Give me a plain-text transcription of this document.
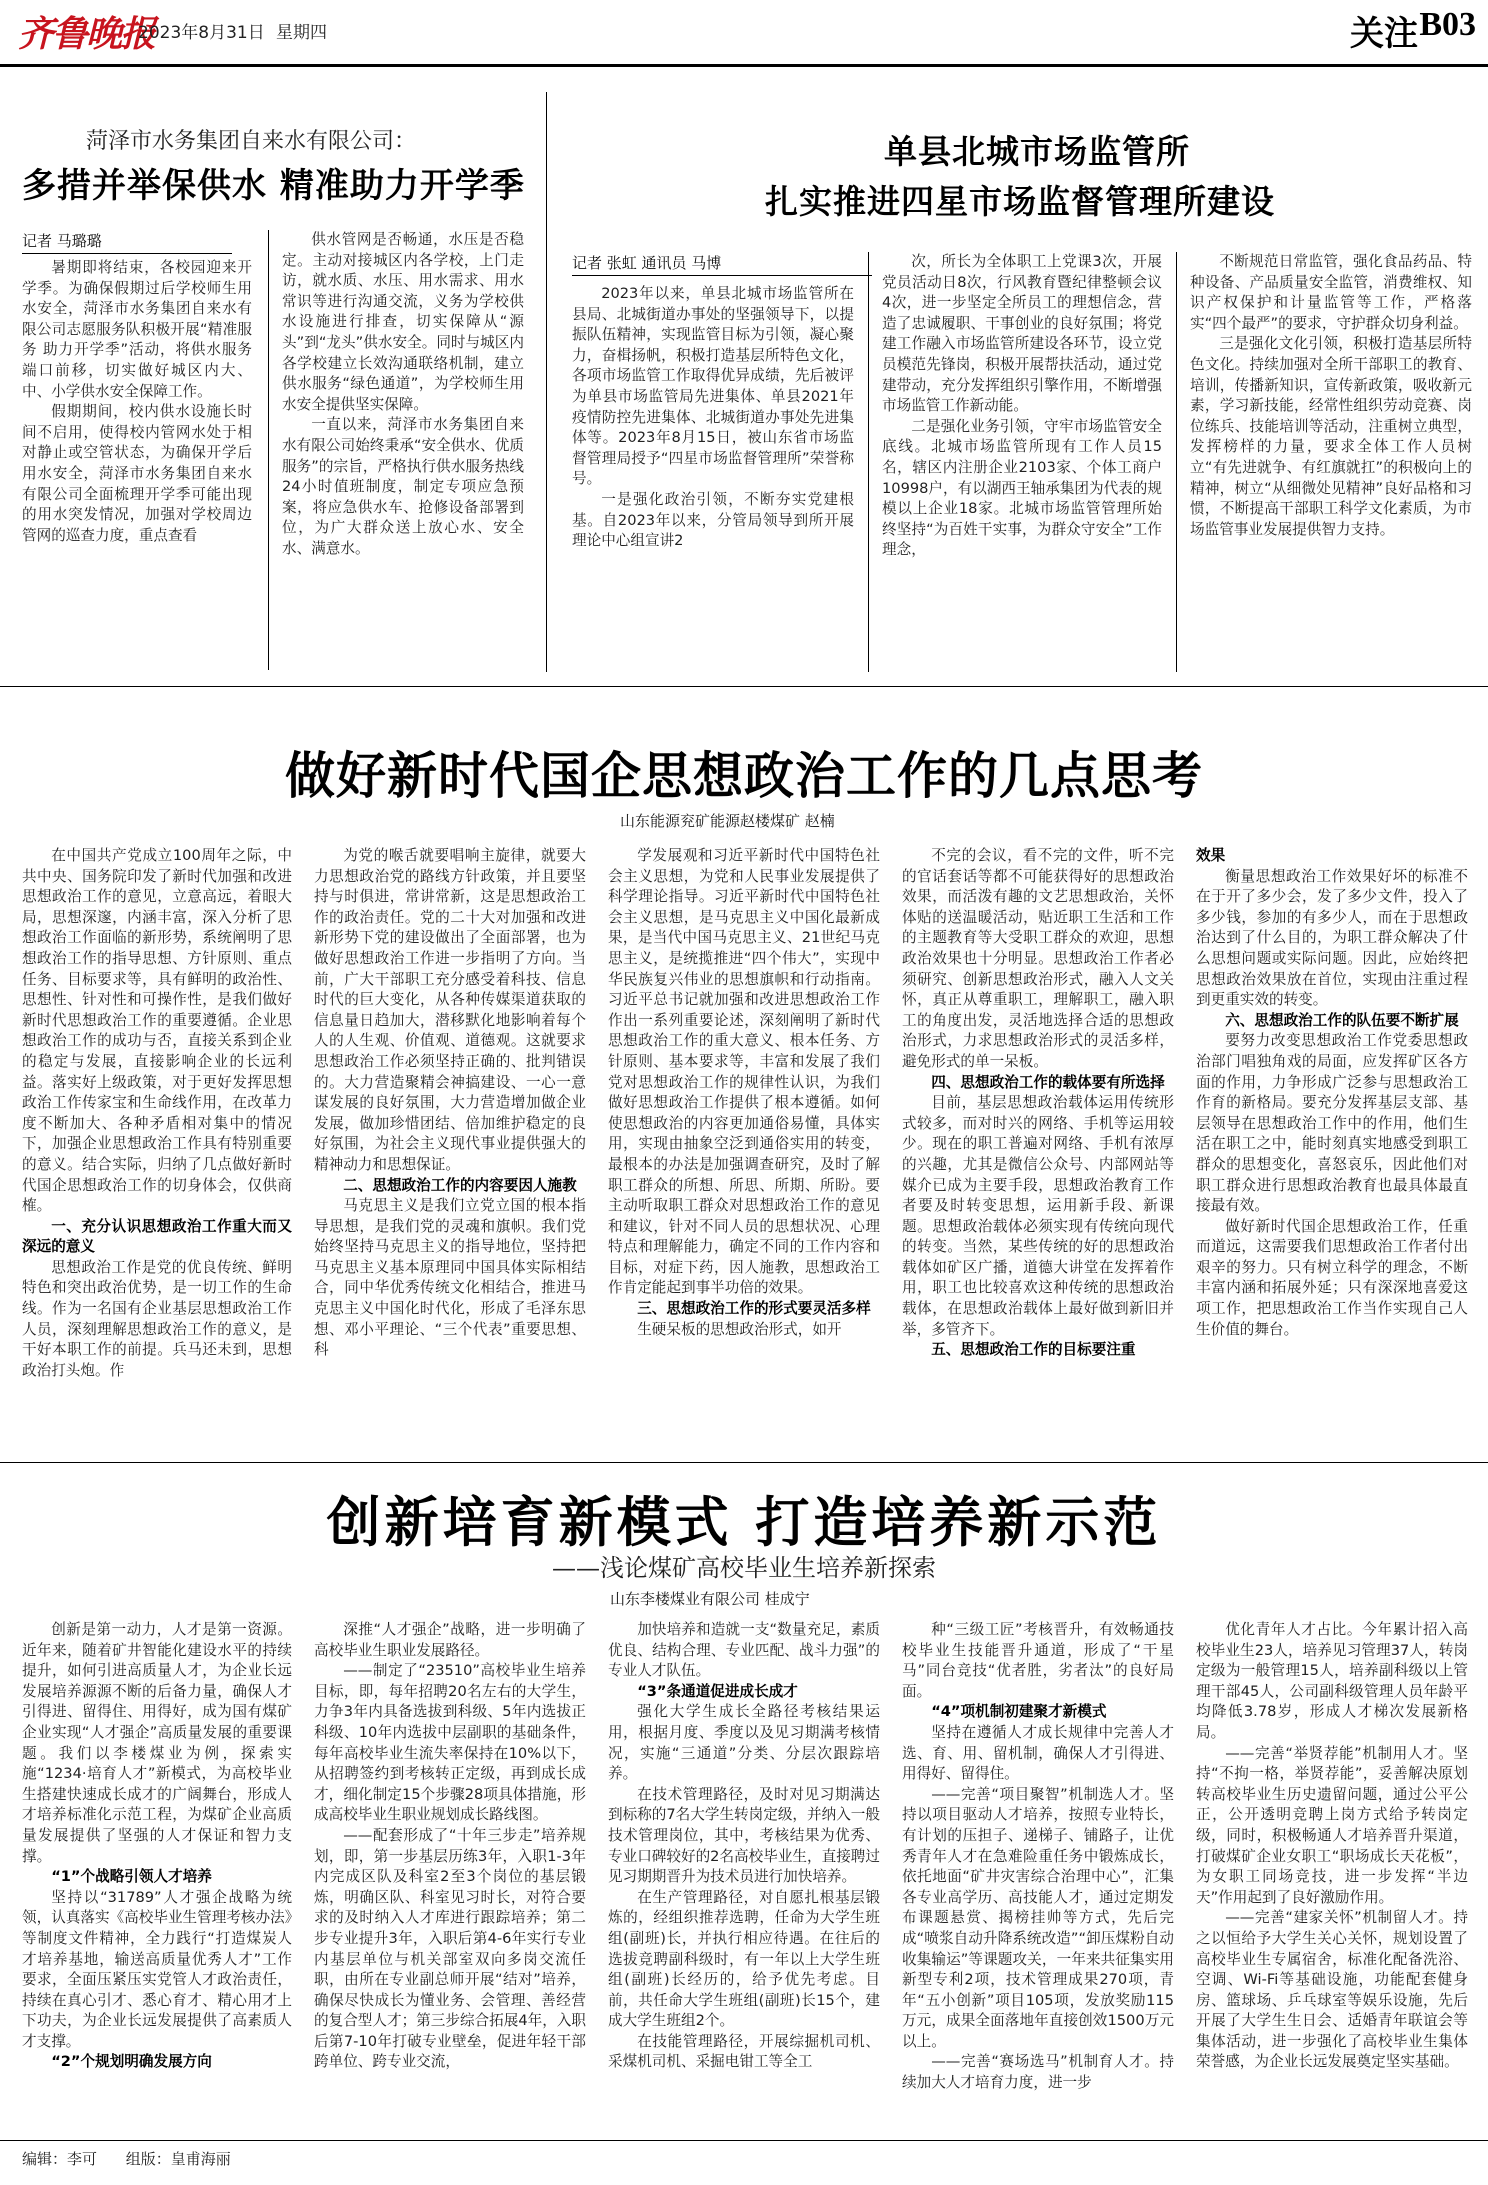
齐鲁晚报
2023年8月31日 星期四	关注 B03
菏泽市水务集团自来水有限公司：
多措并举保供水 精准助力开学季
记者 马璐璐

暑期即将结束，各校园迎来开学季。为确保假期过后学校师生用水安全，菏泽市水务集团自来水有限公司志愿服务队积极开展“精准服务 助力开学季”活动，将供水服务端口前移，切实做好城区内大、中、小学供水安全保障工作。

假期期间，校内供水设施长时间不启用，使得校内管网水处于相对静止或空管状态，为确保开学后用水安全，菏泽市水务集团自来水有限公司全面梳理开学季可能出现的用水突发情况，加强对学校周边管网的巡查力度，重点查看

供水管网是否畅通，水压是否稳定。主动对接城区内各学校，上门走访，就水质、水压、用水需求、用水常识等进行沟通交流，义务为学校供水设施进行排查，切实保障从“源头”到“龙头”供水安全。同时与城区内各学校建立长效沟通联络机制，建立供水服务“绿色通道”，为学校师生用水安全提供坚实保障。

一直以来，菏泽市水务集团自来水有限公司始终秉承“安全供水、优质服务”的宗旨，严格执行供水服务热线24小时值班制度，制定专项应急预案，将应急供水车、抢修设备部署到位，为广大群众送上放心水、安全水、满意水。

单县北城市场监管所
扎实推进四星市场监督管理所建设
记者 张虹 通讯员 马博

2023年以来，单县北城市场监管所在县局、北城街道办事处的坚强领导下，以提振队伍精神，实现监管目标为引领，凝心聚力，奋楫扬帆，积极打造基层所特色文化，各项市场监管工作取得优异成绩，先后被评为单县市场监管局先进集体、单县2021年疫情防控先进集体、北城街道办事处先进集体等。2023年8月15日，被山东省市场监督管理局授予“四星市场监督管理所”荣誉称号。

一是强化政治引领，不断夯实党建根基。自2023年以来，分管局领导到所开展理论中心组宣讲2

次，所长为全体职工上党课3次，开展党员活动日8次，行风教育暨纪律整顿会议4次，进一步坚定全所员工的理想信念，营造了忠诚履职、干事创业的良好氛围；将党建工作融入市场监管所建设各环节，设立党员模范先锋岗，积极开展帮扶活动，通过党建带动，充分发挥组织引擎作用，不断增强市场监管工作新动能。

二是强化业务引领，守牢市场监管安全底线。北城市场监管所现有工作人员15名，辖区内注册企业2103家、个体工商户10998户，有以湖西王轴承集团为代表的规模以上企业18家。北城市场监管管理所始终坚持“为百姓干实事，为群众守安全”工作理念，

不断规范日常监管，强化食品药品、特种设备、产品质量安全监管，消费维权、知识产权保护和计量监管等工作，严格落实“四个最严”的要求，守护群众切身利益。

三是强化文化引领，积极打造基层所特色文化。持续加强对全所干部职工的教育、培训，传播新知识，宣传新政策，吸收新元素，学习新技能，经常性组织劳动竞赛、岗位练兵、技能培训等活动，注重树立典型，发挥榜样的力量，要求全体工作人员树立“有先进就争、有红旗就扛”的积极向上的精神，树立“从细微处见精神”良好品格和习惯，不断提高干部职工科学文化素质，为市场监管事业发展提供智力支持。

做好新时代国企思想政治工作的几点思考
山东能源兖矿能源赵楼煤矿 赵楠

在中国共产党成立100周年之际，中共中央、国务院印发了新时代加强和改进思想政治工作的意见，立意高远，着眼大局，思想深邃，内涵丰富，深入分析了思想政治工作面临的新形势，系统阐明了思想政治工作的指导思想、方针原则、重点任务、目标要求等，具有鲜明的政治性、思想性、针对性和可操作性，是我们做好新时代思想政治工作的重要遵循。企业思想政治工作的成功与否，直接关系到企业的稳定与发展，直接影响企业的长远利益。落实好上级政策，对于更好发挥思想政治工作传家宝和生命线作用，在改革力度不断加大、各种矛盾相对集中的情况下，加强企业思想政治工作具有特别重要的意义。结合实际，归纳了几点做好新时代国企思想政治工作的切身体会，仅供商榷。

一、充分认识思想政治工作重大而又深远的意义

思想政治工作是党的优良传统、鲜明特色和突出政治优势，是一切工作的生命线。作为一名国有企业基层思想政治工作人员，深刻理解思想政治工作的意义，是干好本职工作的前提。兵马还未到，思想政治打头炮。作

为党的喉舌就要唱响主旋律，就要大力思想政治党的路线方针政策，并且要坚持与时俱进，常讲常新，这是思想政治工作的政治责任。党的二十大对加强和改进新形势下党的建设做出了全面部署，也为做好思想政治工作进一步指明了方向。当前，广大干部职工充分感受着科技、信息时代的巨大变化，从各种传媒渠道获取的信息量日趋加大，潜移默化地影响着每个人的人生观、价值观、道德观。这就要求思想政治工作必须坚持正确的、批判错误的。大力营造聚精会神搞建设、一心一意谋发展的良好氛围，大力营造增加做企业发展，做加珍惜团结、倍加维护稳定的良好氛围，为社会主义现代事业提供强大的精神动力和思想保证。

二、思想政治工作的内容要因人施教

马克思主义是我们立党立国的根本指导思想，是我们党的灵魂和旗帜。我们党始终坚持马克思主义的指导地位，坚持把马克思主义基本原理同中国具体实际相结合，同中华优秀传统文化相结合，推进马克思主义中国化时代化，形成了毛泽东思想、邓小平理论、“三个代表”重要思想、科

学发展观和习近平新时代中国特色社会主义思想，为党和人民事业发展提供了科学理论指导。习近平新时代中国特色社会主义思想，是马克思主义中国化最新成果，是当代中国马克思主义、21世纪马克思主义，是统揽推进“四个伟大”，实现中华民族复兴伟业的思想旗帜和行动指南。习近平总书记就加强和改进思想政治工作作出一系列重要论述，深刻阐明了新时代思想政治工作的重大意义、根本任务、方针原则、基本要求等，丰富和发展了我们党对思想政治工作的规律性认识，为我们做好思想政治工作提供了根本遵循。如何使思想政治的内容更加通俗易懂，具体实用，实现由抽象空泛到通俗实用的转变，最根本的办法是加强调查研究，及时了解职工群众的所想、所思、所期、所盼。要主动听取职工群众对思想政治工作的意见和建议，针对不同人员的思想状况、心理特点和理解能力，确定不同的工作内容和目标，对症下药，因人施教，思想政治工作肯定能起到事半功倍的效果。

三、思想政治工作的形式要灵活多样

生硬呆板的思想政治形式，如开

不完的会议，看不完的文件，听不完的官话套话等都不可能获得好的思想政治效果，而活泼有趣的文艺思想政治，关怀体贴的送温暖活动，贴近职工生活和工作的主题教育等大受职工群众的欢迎，思想政治效果也十分明显。思想政治工作者必须研究、创新思想政治形式，融入人文关怀，真正从尊重职工，理解职工，融入职工的角度出发，灵活地选择合适的思想政治形式，力求思想政治形式的灵活多样，避免形式的单一呆板。

四、思想政治工作的载体要有所选择

目前，基层思想政治载体运用传统形式较多，而对时兴的网络、手机等运用较少。现在的职工普遍对网络、手机有浓厚的兴趣，尤其是微信公众号、内部网站等媒介已成为主要手段，思想政治教育工作者要及时转变思想，运用新手段、新课题。思想政治载体必须实现有传统向现代的转变。当然，某些传统的好的思想政治载体如矿区广播，道德大讲堂在发挥着作用，职工也比较喜欢这种传统的思想政治载体，在思想政治载体上最好做到新旧并举，多管齐下。

五、思想政治工作的目标要注重

效果

衡量思想政治工作效果好坏的标准不在于开了多少会，发了多少文件，投入了多少钱，参加的有多少人，而在于思想政治达到了什么目的，为职工群众解决了什么思想问题或实际问题。因此，应始终把思想政治效果放在首位，实现由注重过程到更重实效的转变。

六、思想政治工作的队伍要不断扩展

要努力改变思想政治工作党委思想政治部门唱独角戏的局面，应发挥矿区各方面的作用，力争形成广泛参与思想政治工作育的新格局。要充分发挥基层支部、基层领导在思想政治工作中的作用，他们生活在职工之中，能时刻真实地感受到职工群众的思想变化，喜怒哀乐，因此他们对职工群众进行思想政治教育也最具体最直接最有效。

做好新时代国企思想政治工作，任重而道远，这需要我们思想政治工作者付出艰辛的努力。只有树立科学的理念，不断丰富内涵和拓展外延；只有深深地喜爱这项工作，把思想政治工作当作实现自己人生价值的舞台。

创新培育新模式 打造培养新示范
——浅论煤矿高校毕业生培养新探索
山东李楼煤业有限公司 桂成宁

创新是第一动力，人才是第一资源。近年来，随着矿井智能化建设水平的持续提升，如何引进高质量人才，为企业长远发展培养源源不断的后备力量，确保人才引得进、留得住、用得好，成为国有煤矿企业实现“人才强企”高质量发展的重要课题。我们以李楼煤业为例，探索实施“1234·培育人才”新模式，为高校毕业生搭建快速成长成才的广阔舞台，形成人才培养标准化示范工程，为煤矿企业高质量发展提供了坚强的人才保证和智力支撑。

“1”个战略引领人才培养

坚持以“31789”人才强企战略为统领，认真落实《高校毕业生管理考核办法》等制度文件精神，全力践行“打造煤炭人才培养基地，输送高质量优秀人才”工作要求，全面压紧压实党管人才政治责任，持续在真心引才、悉心育才、精心用才上下功夫，为企业长远发展提供了高素质人才支撑。

“2”个规划明确发展方向

深推“人才强企”战略，进一步明确了高校毕业生职业发展路径。

——制定了“23510”高校毕业生培养目标，即，每年招聘20名左右的大学生，力争3年内具备选拔到科级、5年内选拔正科级、10年内选拔中层副职的基础条件，每年高校毕业生流失率保持在10%以下，从招聘签约到考核转正定级，再到成长成才，细化制定15个步骤28项具体措施，形成高校毕业生职业规划成长路线图。

——配套形成了“十年三步走”培养规划，即，第一步基层历练3年，入职1-3年内完成区队及科室2至3个岗位的基层锻炼，明确区队、科室见习时长，对符合要求的及时纳入人才库进行跟踪培养；第二步专业提升3年，入职后第4-6年实行专业内基层单位与机关部室双向多岗交流任职，由所在专业副总师开展“结对”培养，确保尽快成长为懂业务、会管理、善经营的复合型人才；第三步综合拓展4年，入职后第7-10年打破专业壁垒，促进年轻干部跨单位、跨专业交流，

加快培养和造就一支“数量充足，素质优良、结构合理、专业匹配、战斗力强”的专业人才队伍。

“3”条通道促进成长成才

强化大学生成长全路径考核结果运用，根据月度、季度以及见习期满考核情况，实施“三通道”分类、分层次跟踪培养。

在技术管理路径，及时对见习期满达到标称的7名大学生转岗定级，并纳入一般技术管理岗位，其中，考核结果为优秀、专业口碑较好的2名高校毕业生，直接聘过见习期期晋升为技术员进行加快培养。

在生产管理路径，对自愿扎根基层锻炼的，经组织推荐选聘，任命为大学生班组(副班)长，并执行相应待遇。在往后的选拔竞聘副科级时，有一年以上大学生班组(副班)长经历的，给予优先考虑。目前，共任命大学生班组(副班)长15个，建成大学生班组2个。

在技能管理路径，开展综掘机司机、采煤机司机、采掘电钳工等全工

种“三级工匠”考核晋升，有效畅通技校毕业生技能晋升通道，形成了“干星马”同台竞技“优者胜，劣者汰”的良好局面。

“4”项机制初建聚才新模式

坚持在遵循人才成长规律中完善人才选、育、用、留机制，确保人才引得进、用得好、留得住。

——完善“项目聚智”机制选人才。坚持以项目驱动人才培养，按照专业特长，有计划的压担子、递梯子、铺路子，让优秀青年人才在急难险重任务中锻炼成长，依托地面“矿井灾害综合治理中心”，汇集各专业高学历、高技能人才，通过定期发布课题悬赏、揭榜挂帅等方式，先后完成“喷浆自动升降系统改造”“卸压煤粉自动收集输运”等课题攻关，一年来共征集实用新型专利2项，技术管理成果270项，青年“五小创新”项目105项，发放奖励115万元，成果全面落地年直接创效1500万元以上。

——完善“赛场选马”机制育人才。持续加大人才培育力度，进一步

优化青年人才占比。今年累计招入高校毕业生23人，培养见习管理37人，转岗定级为一般管理15人，培养副科级以上管理干部45人，公司副科级管理人员年龄平均降低3.78岁，形成人才梯次发展新格局。

——完善“举贤荐能”机制用人才。坚持“不拘一格，举贤荐能”，妥善解决原划转高校毕业生历史遗留问题，通过公平公正，公开透明竞聘上岗方式给予转岗定级，同时，积极畅通人才培养晋升渠道，打破煤矿企业女职工“职场成长天花板”，为女职工同场竞技，进一步发挥“半边天”作用起到了良好激励作用。

——完善“建家关怀”机制留人才。持之以恒给予大学生关心关怀，规划设置了高校毕业生专属宿舍，标准化配备洗浴、空调、Wi-Fi等基础设施，功能配套健身房、篮球场、乒乓球室等娱乐设施，先后开展了大学生生日会、适婚青年联谊会等集体活动，进一步强化了高校毕业生集体荣誉感，为企业长远发展奠定坚实基础。

编辑：李可 组版：皇甫海丽
